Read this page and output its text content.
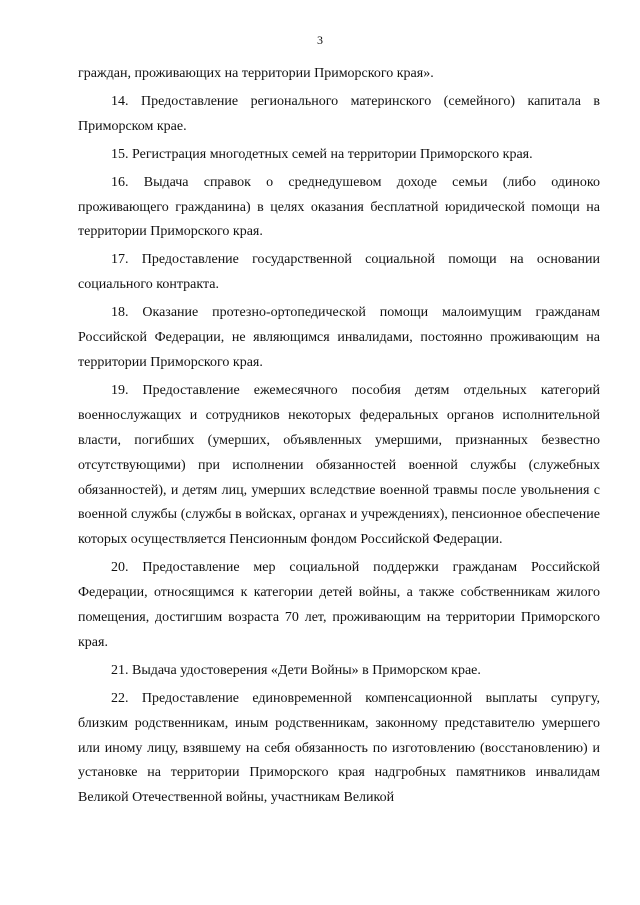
3

граждан, проживающих на территории Приморского края».

14. Предоставление регионального материнского (семейного) капитала в Приморском крае.

15. Регистрация многодетных семей на территории Приморского края.

16. Выдача справок о среднедушевом доходе семьи (либо одиноко проживающего гражданина) в целях оказания бесплатной юридической помощи на территории Приморского края.

17. Предоставление государственной социальной помощи на основании социального контракта.

18. Оказание протезно-ортопедической помощи малоимущим гражданам Российской Федерации, не являющимся инвалидами, постоянно проживающим на территории Приморского края.

19. Предоставление ежемесячного пособия детям отдельных категорий военнослужащих и сотрудников некоторых федеральных органов исполнительной власти, погибших (умерших, объявленных умершими, признанных безвестно отсутствующими) при исполнении обязанностей военной службы (служебных обязанностей), и детям лиц, умерших вследствие военной травмы после увольнения с военной службы (службы в войсках, органах и учреждениях), пенсионное обеспечение которых осуществляется Пенсионным фондом Российской Федерации.

20. Предоставление мер социальной поддержки гражданам Российской Федерации, относящимся к категории детей войны, а также собственникам жилого помещения, достигшим возраста 70 лет, проживающим на территории Приморского края.

21. Выдача удостоверения «Дети Войны» в Приморском крае.

22. Предоставление единовременной компенсационной выплаты супругу, близким родственникам, иным родственникам, законному представителю умершего или иному лицу, взявшему на себя обязанность по изготовлению (восстановлению) и установке на территории Приморского края надгробных памятников инвалидам Великой Отечественной войны, участникам Великой
